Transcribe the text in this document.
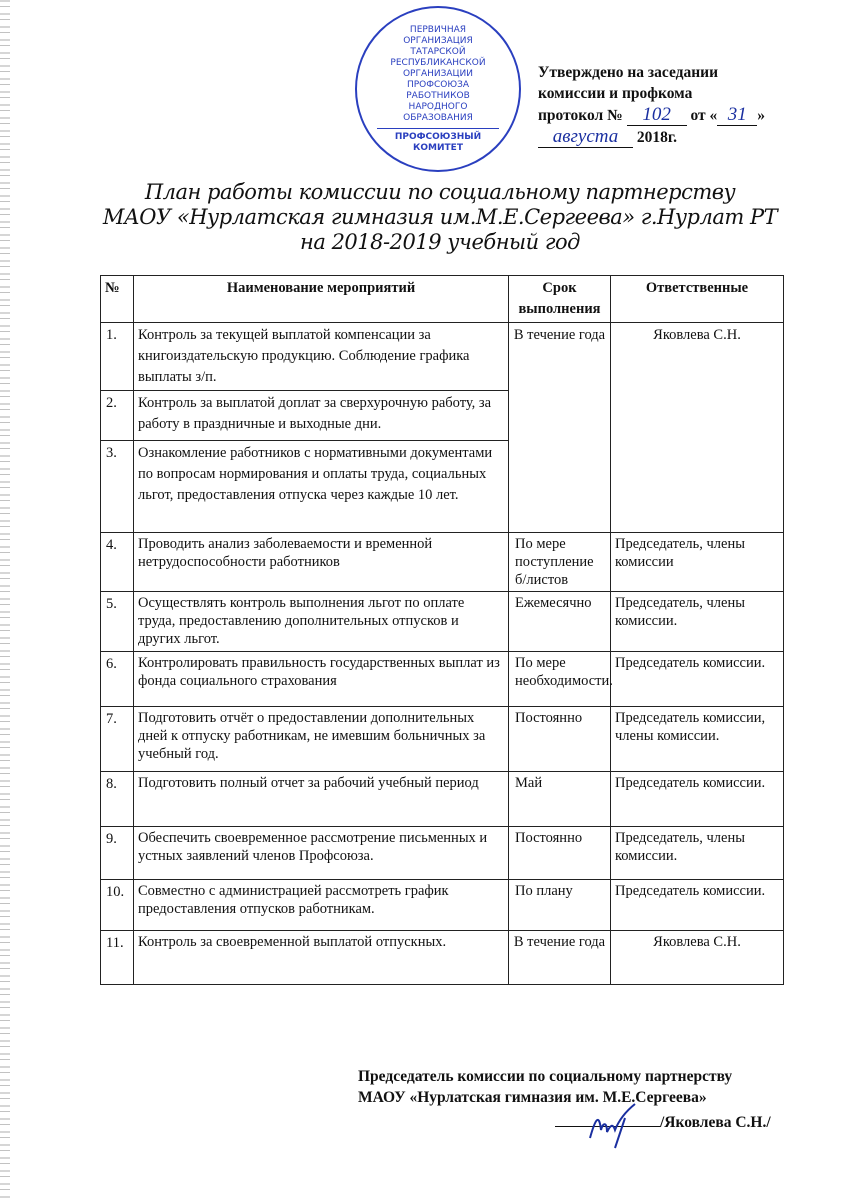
ПЕРВИЧНАЯ ОРГАНИЗАЦИЯ ТАТАРСКОЙ РЕСПУБЛИКАНСКОЙ ОРГАНИЗАЦИИ ПРОФСОЮЗА РАБОТНИКОВ НАРОДНОГО ОБРАЗОВАНИЯ
ПРОФСОЮЗНЫЙ КОМИТЕТ
Утверждено на заседании
комиссии и профкома
протокол № 102 от « 31 »
августа 2018г.
План работы комиссии по социальному партнерству
МАОУ «Нурлатская гимназия им.М.Е.Сергеева» г.Нурлат РТ
на 2018-2019 учебный год
№	Наименование мероприятий	Срок выполнения	Ответственные
1.	Контроль за текущей выплатой компенсации за книгоиздательскую продукцию. Соблюдение графика выплаты з/п.	В течение года	Яковлева С.Н.
2.	Контроль за выплатой доплат за сверхурочную работу, за работу в праздничные и выходные дни.		
3.	Ознакомление работников с нормативными документами по вопросам нормирования и оплаты труда, социальных льгот, предоставления отпуска через каждые 10 лет.		
4.	Проводить анализ заболеваемости и временной нетрудоспособности работников	По мере поступление б/листов	Председатель, члены комиссии
5.	Осуществлять контроль выполнения льгот по оплате труда, предоставлению дополнительных отпусков и других льгот.	Ежемесячно	Председатель, члены комиссии.
6.	Контролировать правильность государственных выплат из фонда социального страхования	По мере необходимости.	Председатель комиссии.
7.	Подготовить отчёт о предоставлении дополнительных дней к отпуску работникам, не имевшим больничных за учебный год.	Постоянно	Председатель комиссии, члены комиссии.
8.	Подготовить полный отчет за рабочий учебный период	Май	Председатель комиссии.
9.	Обеспечить своевременное рассмотрение письменных и устных заявлений членов Профсоюза.	Постоянно	Председатель, члены комиссии.
10.	Совместно с администрацией рассмотреть график предоставления отпусков работникам.	По плану	Председатель комиссии.
11.	Контроль за своевременной выплатой отпускных.	В течение года	Яковлева С.Н.
Председатель комиссии по социальному партнерству
МАОУ «Нурлатская гимназия им. М.Е.Сергеева»
/Яковлева С.Н./
